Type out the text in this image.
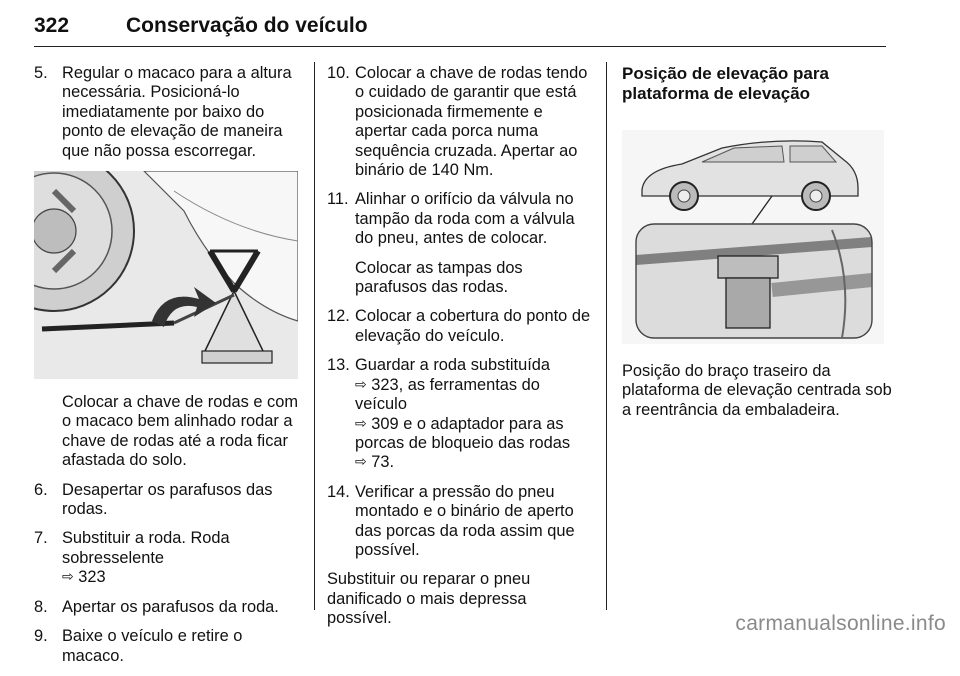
322	Conservação do veículo
5. Regular o macaco para a altura necessária. Posicioná-lo imediatamente por baixo do ponto de elevação de maneira que não possa escorregar.

Colocar a chave de rodas e com o macaco bem alinhado rodar a chave de rodas até a roda ficar afastada do solo.

6. Desapertar os parafusos das rodas.
7. Substituir a roda. Roda sobresselente
⇨ 323
8. Apertar os parafusos da roda.
9. Baixe o veículo e retire o macaco.
10. Colocar a chave de rodas tendo o cuidado de garantir que está posicionada firmemente e apertar cada porca numa sequência cruzada. Apertar ao binário de 140 Nm.
11. Alinhar o orifício da válvula no tampão da roda com a válvula do pneu, antes de colocar.

Colocar as tampas dos parafusos das rodas.

12. Colocar a cobertura do ponto de elevação do veículo.
13. Guardar a roda substituída
⇨ 323, as ferramentas do veículo
⇨ 309 e o adaptador para as porcas de bloqueio das rodas
⇨ 73.
14. Verificar a pressão do pneu montado e o binário de aperto das porcas da roda assim que possível.

Substituir ou reparar o pneu danificado o mais depressa possível.

Posição de elevação para plataforma de elevação

Posição do braço traseiro da plataforma de elevação centrada sob a reentrância da embaladeira.

carmanualsonline.info
